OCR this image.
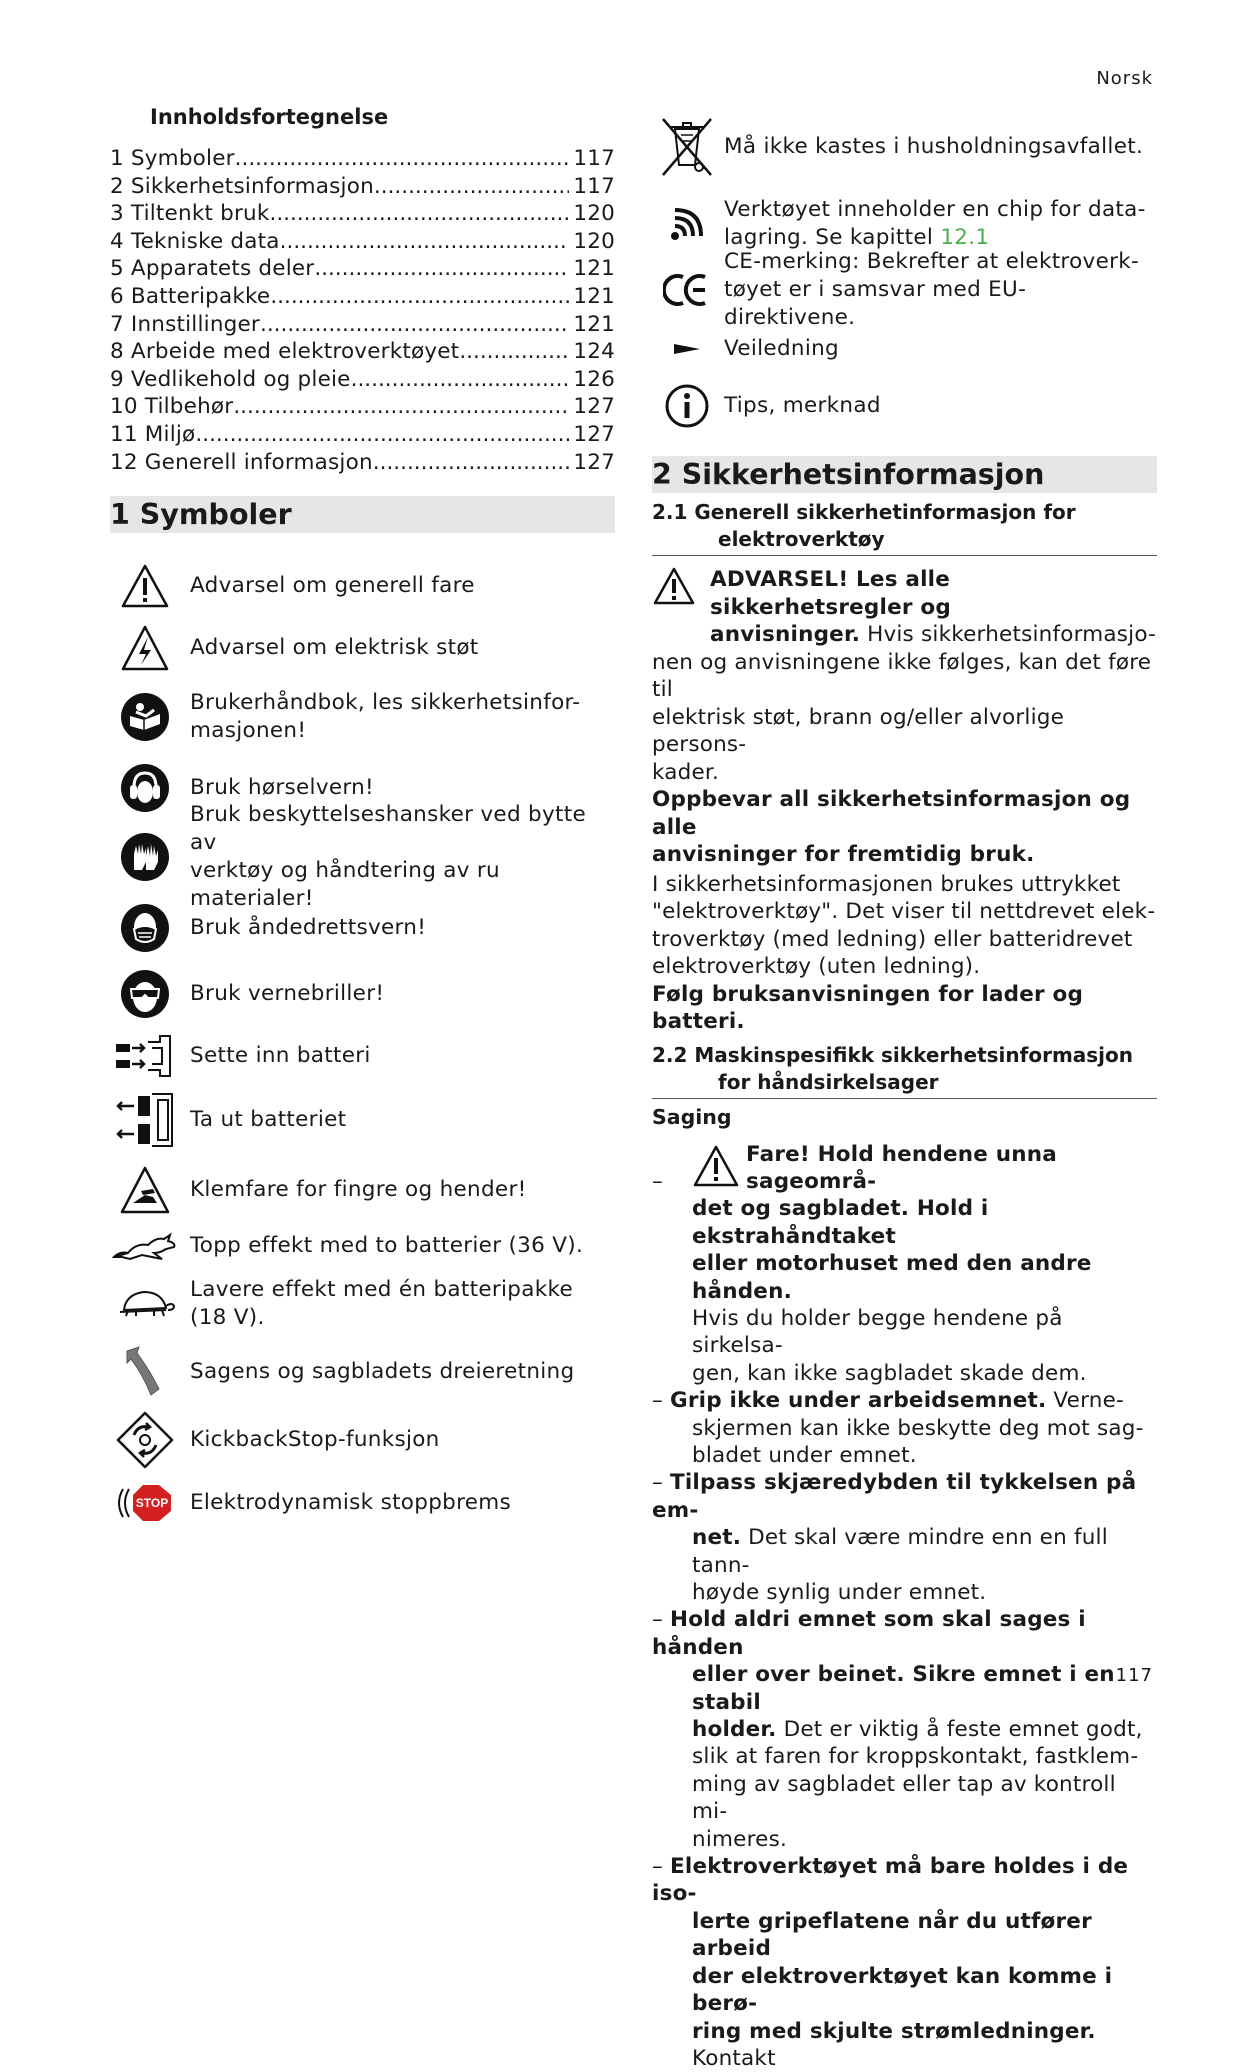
Norsk
Innholdsfortegnelse
1 Symboler .....	117
2 Sikkerhetsinformasjon .....	117
3 Tiltenkt bruk .....	120
4 Tekniske data .....	120
5 Apparatets deler .....	121
6 Batteripakke .....	121
7 Innstillinger .....	121
8 Arbeide med elektroverktøyet .....	124
9 Vedlikehold og pleie .....	126
10 Tilbehør .....	127
11 Miljø .....	127
12 Generell informasjon .....	127
1 Symboler
Advarsel om generell fare
Advarsel om elektrisk støt
Brukerhåndbok, les sikkerhetsinfor-
masjonen!
Bruk hørselvern!
Bruk beskyttelseshansker ved bytte av
verktøy og håndtering av ru materialer!
Bruk åndedrettsvern!
Bruk vernebriller!
Sette inn batteri
Ta ut batteriet
Klemfare for fingre og hender!
Topp effekt med to batterier (36 V).
Lavere effekt med én batteripakke
(18 V).
Sagens og sagbladets dreieretning
KickbackStop-funksjon
STOP Elektrodynamisk stoppbrems
Må ikke kastes i husholdningsavfallet.
Verktøyet inneholder en chip for data-
lagring. Se kapittel 12.1
CE-merking: Bekrefter at elektroverk-
tøyet er i samsvar med EU-direktivene.
Veiledning
Tips, merknad
2 Sikkerhetsinformasjon
2.1 Generell sikkerhetinformasjon for
elektroverktøy
ADVARSEL! Les alle sikkerhetsregler og
anvisninger. Hvis sikkerhetsinformasjo-
nen og anvisningene ikke følges, kan det føre til
elektrisk støt, brann og/eller alvorlige persons-
kader.
Oppbevar all sikkerhetsinformasjon og alle
anvisninger for fremtidig bruk.
I sikkerhetsinformasjonen brukes uttrykket
"elektroverktøy". Det viser til nettdrevet elek-
troverktøy (med ledning) eller batteridrevet
elektroverktøy (uten ledning).
Følg bruksanvisningen for lader og batteri.
2.2 Maskinspesifikk sikkerhetsinformasjon
for håndsirkelsager
Saging
–
Fare! Hold hendene unna sageområ-
det og sagbladet. Hold i ekstrahåndtaket
eller motorhuset med den andre hånden.
Hvis du holder begge hendene på sirkelsa-
gen, kan ikke sagbladet skade dem.
– Grip ikke under arbeidsemnet. Verne-
skjermen kan ikke beskytte deg mot sag-
bladet under emnet.
– Tilpass skjæredybden til tykkelsen på em-
net. Det skal være mindre enn en full tann-
høyde synlig under emnet.
– Hold aldri emnet som skal sages i hånden
eller over beinet. Sikre emnet i en stabil
holder. Det er viktig å feste emnet godt,
slik at faren for kroppskontakt, fastklem-
ming av sagbladet eller tap av kontroll mi-
nimeres.
– Elektroverktøyet må bare holdes i de iso-
lerte gripeflatene når du utfører arbeid
der elektroverktøyet kan komme i berø-
ring med skjulte strømledninger. Kontakt
117
